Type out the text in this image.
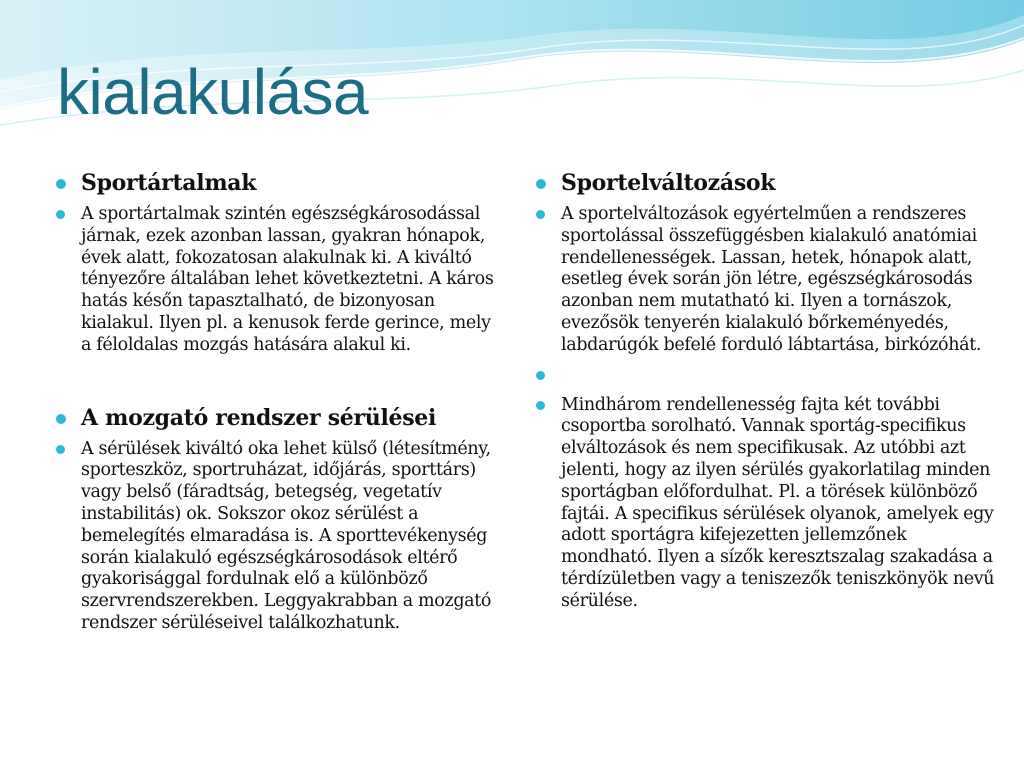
kialakulása
Sportártalmak
A sportártalmak szintén egészségkárosodással járnak, ezek azonban lassan, gyakran hónapok, évek alatt, fokozatosan alakulnak ki. A kiváltó tényezőre általában lehet következtetni. A káros hatás későn tapasztalható, de bizonyosan kialakul. Ilyen pl. a kenusok ferde gerince, mely a féloldalas mozgás hatására alakul ki.
A mozgató rendszer sérülései
A sérülések kiváltó oka lehet külső (létesítmény, sporteszköz, sportruházat, időjárás, sporttárs) vagy belső (fáradtság, betegség, vegetatív instabilitás) ok. Sokszor okoz sérülést a bemelegítés elmaradása is. A sporttevékenység során kialakuló egészségkárosodások eltérő gyakorisággal fordulnak elő a különböző szervrendszerekben. Leggyakrabban a mozgató rendszer sérüléseivel találkozhatunk.
Sportelváltozások
A sportelváltozások egyértelműen a rendszeres sportolással összefüggésben kialakuló anatómiai rendellenességek. Lassan, hetek, hónapok alatt, esetleg évek során jön létre, egészségkárosodás azonban nem mutatható ki. Ilyen a tornászok, evezősök tenyerén kialakuló bőrkeményedés, labdarúgók befelé forduló lábtartása, birkózóhát.
Mindhárom rendellenesség fajta két további csoportba sorolható. Vannak sportág-specifikus elváltozások és nem specifikusak. Az utóbbi azt jelenti, hogy az ilyen sérülés gyakorlatilag minden sportágban előfordulhat. Pl. a törések különböző fajtái. A specifikus sérülések olyanok, amelyek egy adott sportágra kifejezetten jellemzőnek mondható. Ilyen a sízők keresztszalag szakadása a térdízületben vagy a teniszezők teniszkönyök nevű sérülése.
